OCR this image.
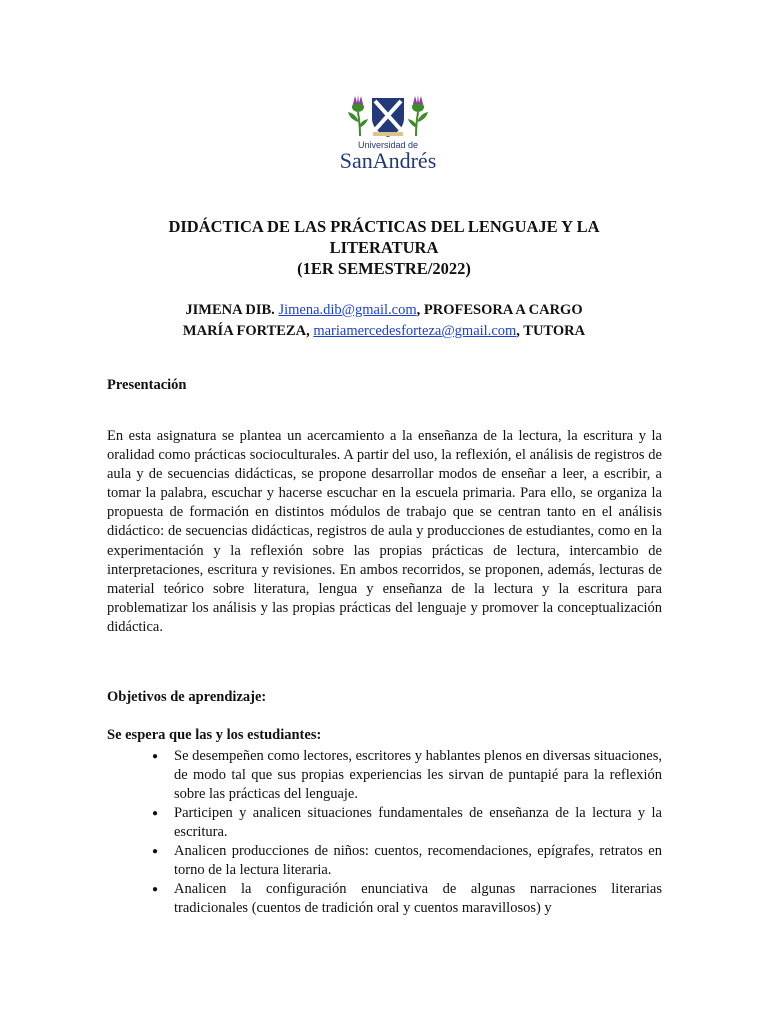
Universidad de
SanAndrés
DIDÁCTICA DE LAS PRÁCTICAS DEL LENGUAJE Y LA
LITERATURA
(1ER SEMESTRE/2022)
JIMENA DIB. Jimena.dib@gmail.com, PROFESORA A CARGO
MARÍA FORTEZA, mariamercedesforteza@gmail.com, TUTORA
Presentación
En esta asignatura se plantea un acercamiento a la enseñanza de la lectura, la escritura y la oralidad como prácticas socioculturales. A partir del uso, la reflexión, el análisis de registros de aula y de secuencias didácticas, se propone desarrollar modos de enseñar a leer, a escribir, a tomar la palabra, escuchar y hacerse escuchar en la escuela primaria. Para ello, se organiza la propuesta de formación en distintos módulos de trabajo que se centran tanto en el análisis didáctico: de secuencias didácticas, registros de aula y producciones de estudiantes, como en la experimentación y la reflexión sobre las propias prácticas de lectura, intercambio de interpretaciones, escritura y revisiones. En ambos recorridos, se proponen, además, lecturas de material teórico sobre literatura, lengua y enseñanza de la lectura y la escritura para problematizar los análisis y las propias prácticas del lenguaje y promover la conceptualización didáctica.
Objetivos de aprendizaje:
Se espera que las y los estudiantes:
● Se desempeñen como lectores, escritores y hablantes plenos en diversas situaciones, de modo tal que sus propias experiencias les sirvan de puntapié para la reflexión sobre las prácticas del lenguaje.
● Participen y analicen situaciones fundamentales de enseñanza de la lectura y la escritura.
● Analicen producciones de niños: cuentos, recomendaciones, epígrafes, retratos en torno de la lectura literaria.
● Analicen la configuración enunciativa de algunas narraciones literarias tradicionales (cuentos de tradición oral y cuentos maravillosos) y
